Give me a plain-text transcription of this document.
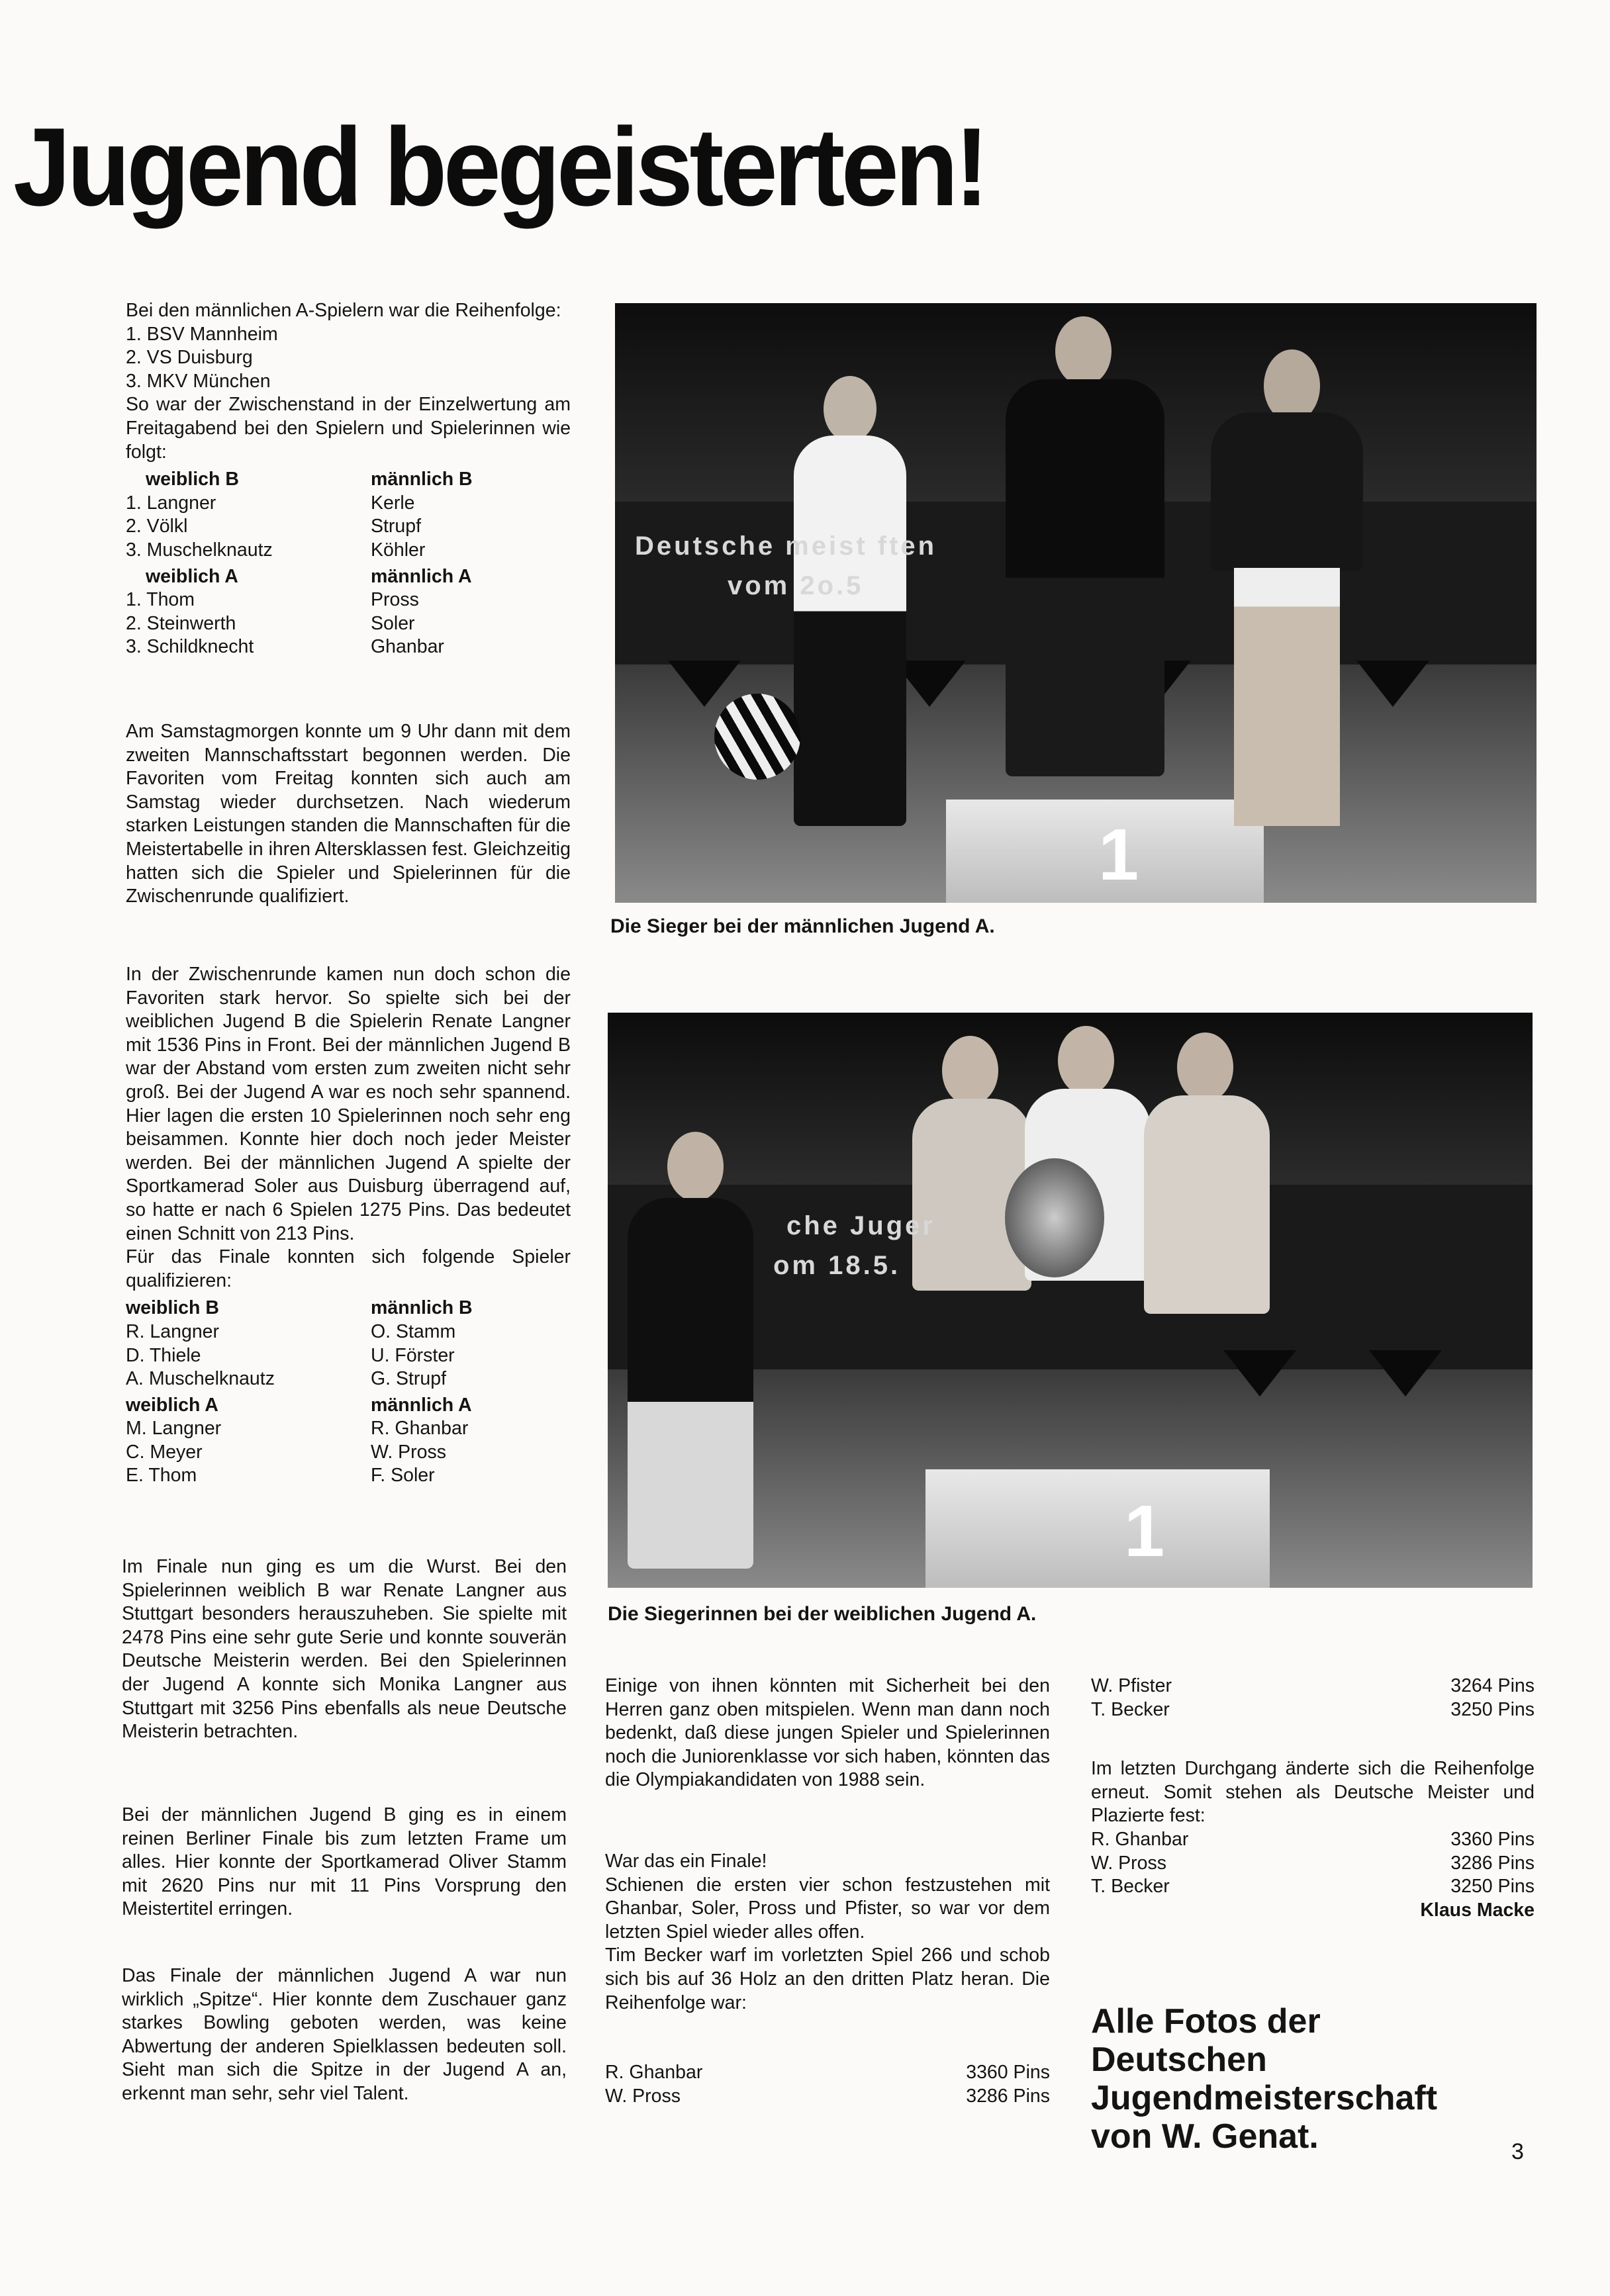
Jugend begeisterten!

Bei den männlichen A-Spielern war die Reihenfolge:

1. BSV Mannheim
2. VS Duisburg
3. MKV München

So war der Zwischenstand in der Einzelwertung am Freitagabend bei den Spielern und Spielerinnen wie folgt:

weiblich B	männlich B
1. Langner	Kerle
2. Völkl	Strupf
3. Muschelknautz	Köhler
weiblich A	männlich A
1. Thom	Pross
2. Steinwerth	Soler
3. Schildknecht	Ghanbar
Am Samstagmorgen konnte um 9 Uhr dann mit dem zweiten Mannschaftsstart begonnen werden. Die Favoriten vom Freitag konnten sich auch am Samstag wieder durchsetzen. Nach wiederum starken Leistungen standen die Mannschaften für die Meistertabelle in ihren Altersklassen fest. Gleichzeitig hatten sich die Spieler und Spielerinnen für die Zwischenrunde qualifiziert.

In der Zwischenrunde kamen nun doch schon die Favoriten stark hervor. So spielte sich bei der weiblichen Jugend B die Spielerin Renate Langner mit 1536 Pins in Front. Bei der männlichen Jugend B war der Abstand vom ersten zum zweiten nicht sehr groß. Bei der Jugend A war es noch sehr spannend. Hier lagen die ersten 10 Spielerinnen noch sehr eng beisammen. Konnte hier doch noch jeder Meister werden. Bei der männlichen Jugend A spielte der Sportkamerad Soler aus Duisburg überragend auf, so hatte er nach 6 Spielen 1275 Pins. Das bedeutet einen Schnitt von 213 Pins.

Für das Finale konnten sich folgende Spieler qualifizieren:

weiblich B	männlich B
R. Langner	O. Stamm
D. Thiele	U. Förster
A. Muschelknautz	G. Strupf
weiblich A	männlich A
M. Langner	R. Ghanbar
C. Meyer	W. Pross
E. Thom	F. Soler
Im Finale nun ging es um die Wurst. Bei den Spielerinnen weiblich B war Renate Langner aus Stuttgart besonders herauszuheben. Sie spielte mit 2478 Pins eine sehr gute Serie und konnte souverän Deutsche Meisterin werden. Bei den Spielerinnen der Jugend A konnte sich Monika Langner aus Stuttgart mit 3256 Pins ebenfalls als neue Deutsche Meisterin betrachten.
Bei der männlichen Jugend B ging es in einem reinen Berliner Finale bis zum letzten Frame um alles. Hier konnte der Sportkamerad Oliver Stamm mit 2620 Pins nur mit 11 Pins Vorsprung den Meistertitel erringen.
Das Finale der männlichen Jugend A war nun wirklich „Spitze“. Hier konnte dem Zuschauer ganz starkes Bowling geboten werden, was keine Abwertung der anderen Spielklassen bedeuten soll. Sieht man sich die Spitze in der Jugend A an, erkennt man sehr, sehr viel Talent.
1
Deutsche meist ften
vom 2o.5
Die Sieger bei der männlichen Jugend A.
1
che Juger
om 18.5.
Die Siegerinnen bei der weiblichen Jugend A.
Einige von ihnen könnten mit Sicherheit bei den Herren ganz oben mitspielen. Wenn man dann noch bedenkt, daß diese jungen Spieler und Spielerinnen noch die Juniorenklasse vor sich haben, könnten das die Olympiakandidaten von 1988 sein.
War das ein Finale!

Schienen die ersten vier schon festzustehen mit Ghanbar, Soler, Pross und Pfister, so war vor dem letzten Spiel wieder alles offen.

Tim Becker warf im vorletzten Spiel 266 und schob sich bis auf 36 Holz an den dritten Platz heran. Die Reihenfolge war:

R. Ghanbar	3360 Pins
W. Pross	3286 Pins
W. Pfister	3264 Pins
T. Becker	3250 Pins

Im letzten Durchgang änderte sich die Reihenfolge erneut. Somit stehen als Deutsche Meister und Plazierte fest:

R. Ghanbar	3360 Pins
W. Pross	3286 Pins
T. Becker	3250 Pins
Klaus Macke
Alle Fotos der Deutschen Jugendmeisterschaft von W. Genat.	3
